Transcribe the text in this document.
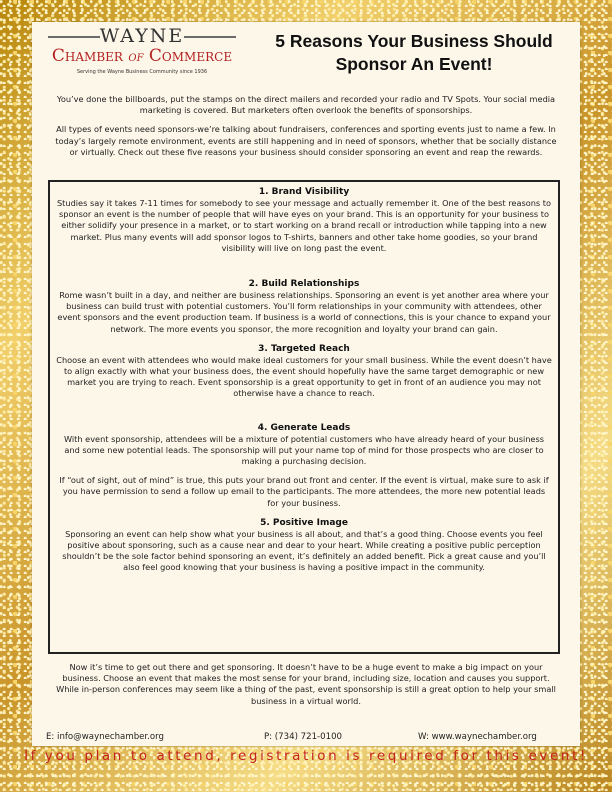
WAYNE
Chamber of Commerce
Serving the Wayne Business Community since 1936
5 Reasons Your Business Should
Sponsor An Event!

You’ve done the billboards, put the stamps on the direct mailers and recorded your radio and TV Spots. Your social media marketing is covered. But marketers often overlook the benefits of sponsorships.

All types of events need sponsors-we’re talking about fundraisers, conferences and sporting events just to name a few. In today’s largely remote environment, events are still happening and in need of sponsors, whether that be socially distance or virtually. Check out these five reasons your business should consider sponsoring an event and reap the rewards.

1. Brand Visibility

Studies say it takes 7-11 times for somebody to see your message and actually remember it. One of the best reasons to sponsor an event is the number of people that will have eyes on your brand. This is an opportunity for your business to either solidify your presence in a market, or to start working on a brand recall or introduction while tapping into a new market. Plus many events will add sponsor logos to T-shirts, banners and other take home goodies, so your brand visibility will live on long past the event.

2. Build Relationships

Rome wasn’t built in a day, and neither are business relationships. Sponsoring an event is yet another area where your business can build trust with potential customers. You’ll form relationships in your community with attendees, other event sponsors and the event production team. If business is a world of connections, this is your chance to expand your network. The more events you sponsor, the more recognition and loyalty your brand can gain.

3. Targeted Reach

Choose an event with attendees who would make ideal customers for your small business. While the event doesn’t have to align exactly with what your business does, the event should hopefully have the same target demographic or new market you are trying to reach. Event sponsorship is a great opportunity to get in front of an audience you may not otherwise have a chance to reach.

4. Generate Leads

With event sponsorship, attendees will be a mixture of potential customers who have already heard of your business and some new potential leads. The sponsorship will put your name top of mind for those prospects who are closer to making a purchasing decision.

If “out of sight, out of mind” is true, this puts your brand out front and center. If the event is virtual, make sure to ask if you have permission to send a follow up email to the participants. The more attendees, the more new potential leads for your business.

5. Positive Image

Sponsoring an event can help show what your business is all about, and that’s a good thing. Choose events you feel positive about sponsoring, such as a cause near and dear to your heart. While creating a positive public perception shouldn’t be the sole factor behind sponsoring an event, it’s definitely an added benefit. Pick a great cause and you’ll also feel good knowing that your business is having a positive impact in the community.

Now it’s time to get out there and get sponsoring. It doesn’t have to be a huge event to make a big impact on your business. Choose an event that makes the most sense for your brand, including size, location and causes you support. While in-person conferences may seem like a thing of the past, event sponsorship is still a great option to help your small business in a virtual world.
E: info@waynechamber.org	P: (734) 721-0100	W: www.waynechamber.org
If you plan to attend, registration is required for this event!
